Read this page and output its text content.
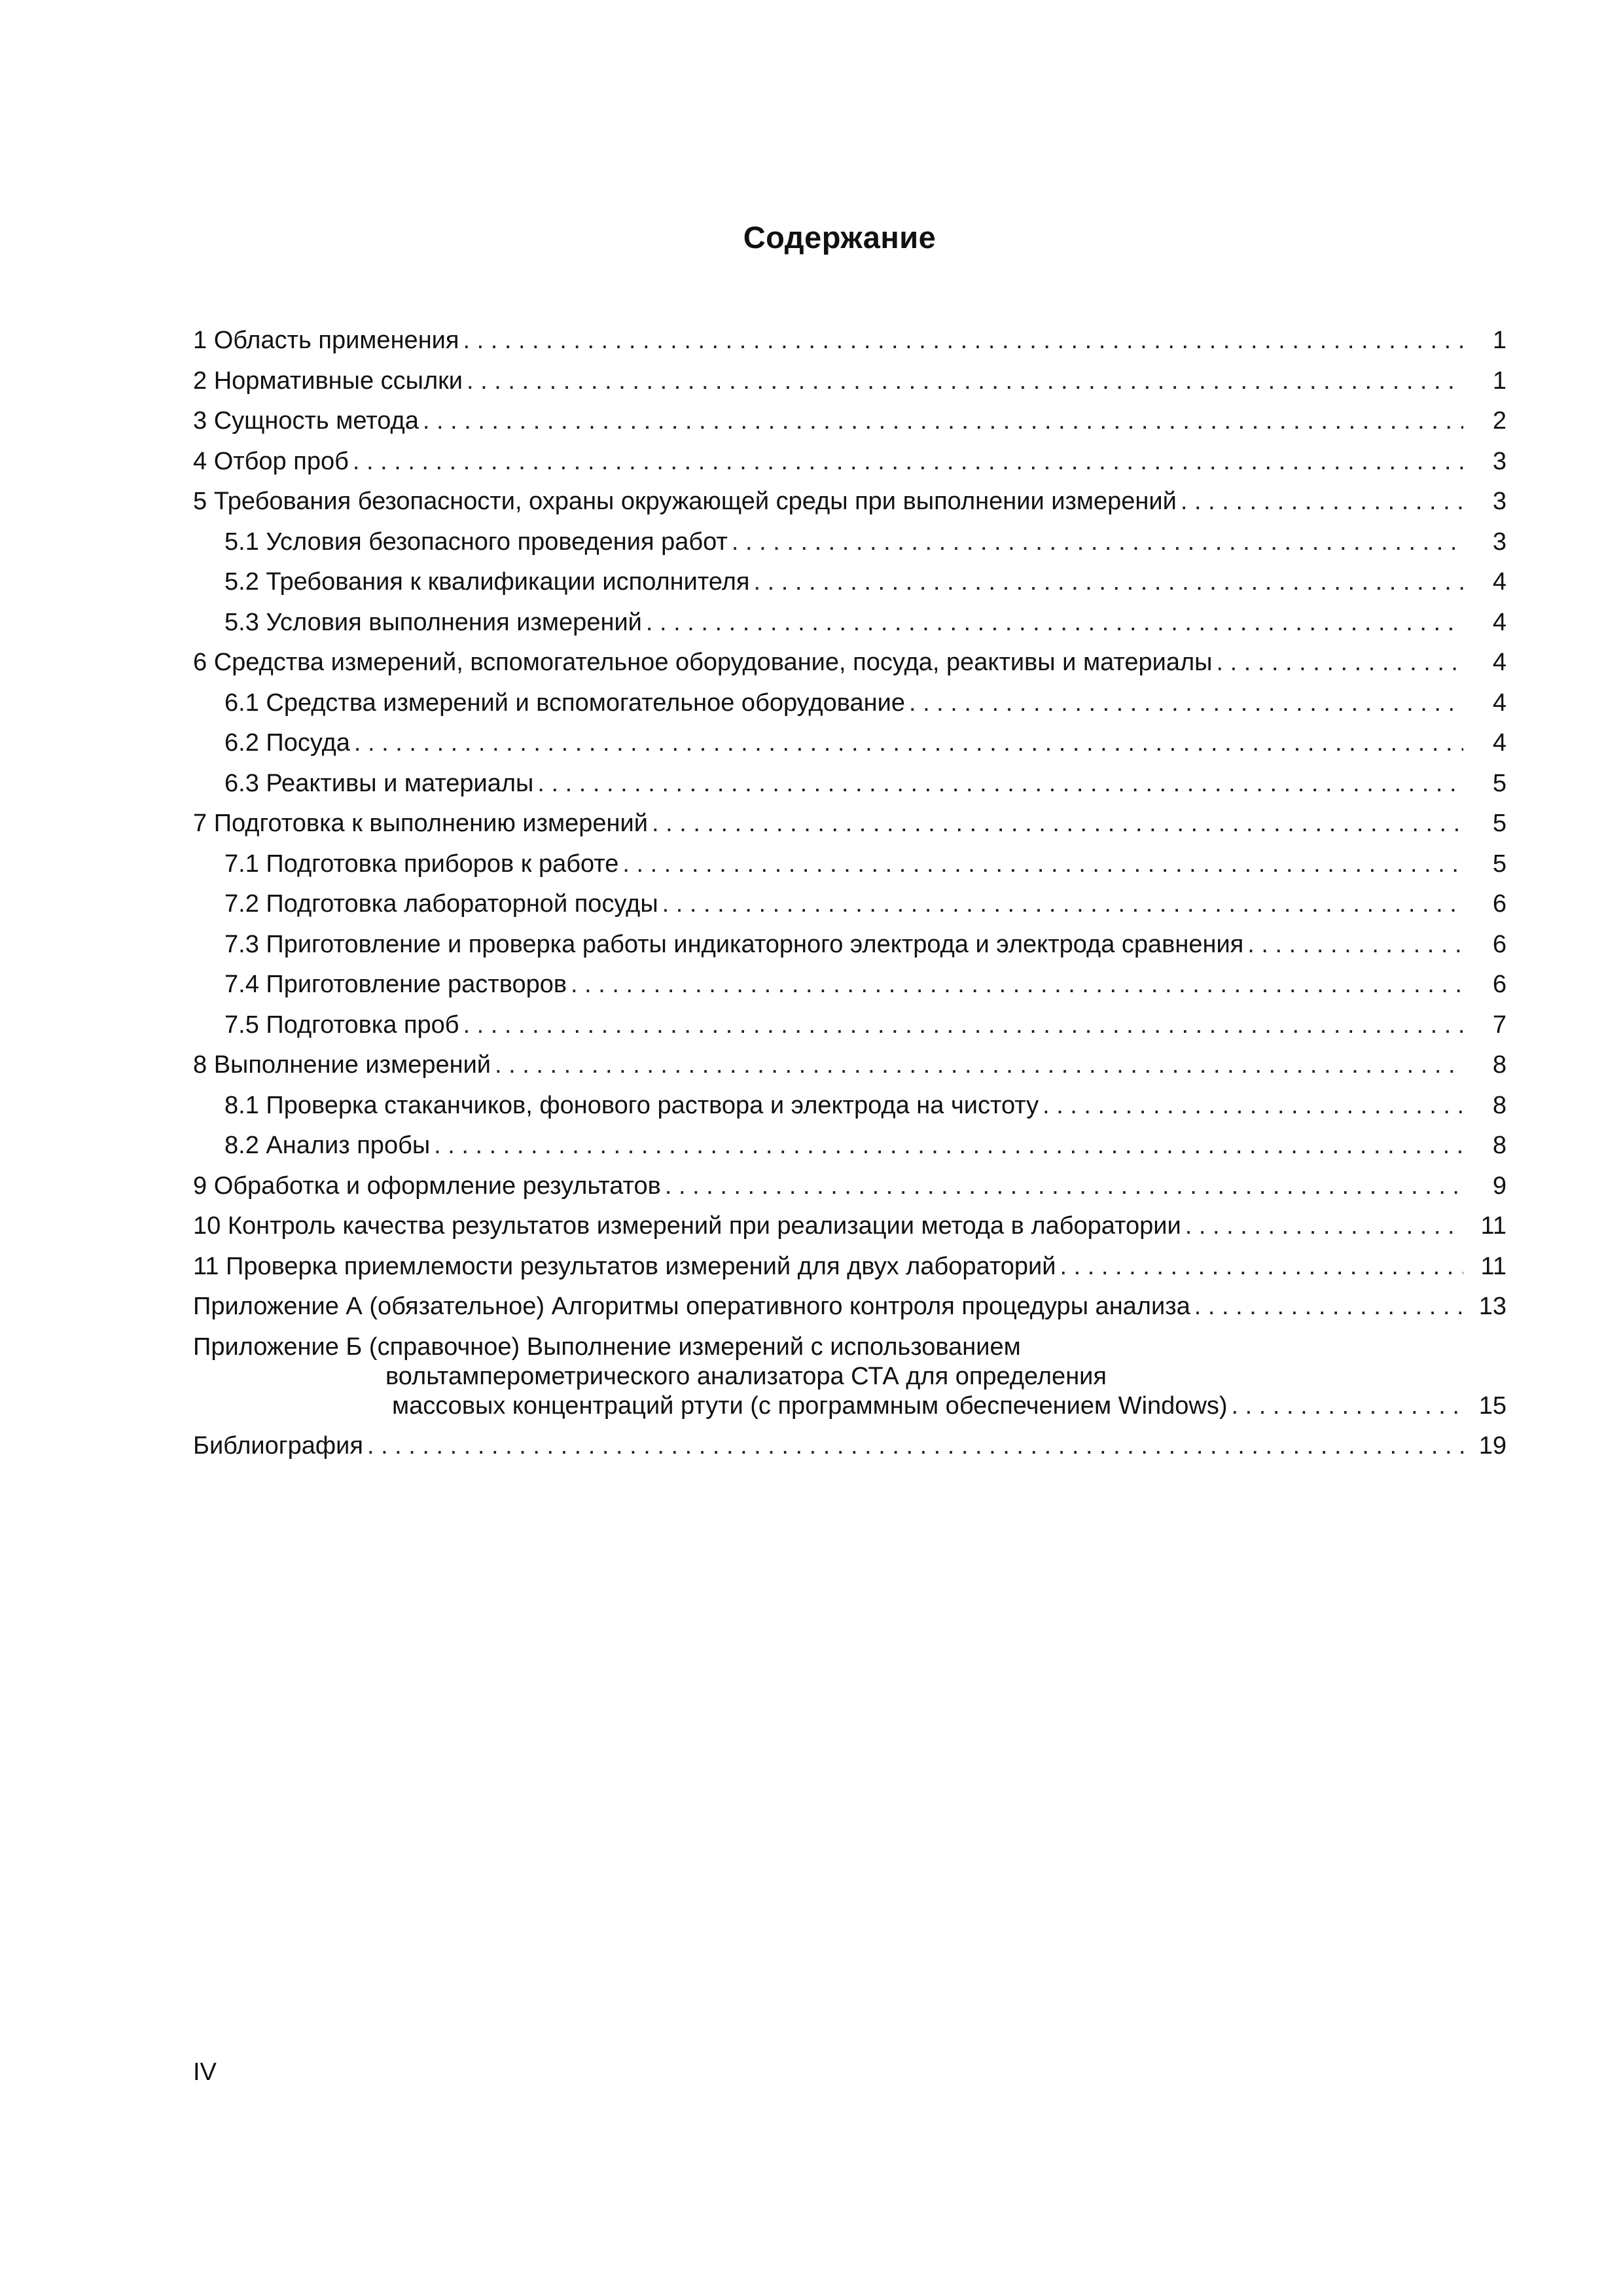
Содержание
1 Область применения . . .	1
2 Нормативные ссылки . . .	1
3 Сущность метода . . .	2
4 Отбор проб . . .	3
5 Требования безопасности, охраны окружающей среды при выполнении измерений . . .	3
5.1 Условия безопасного проведения работ . . .	3
5.2 Требования к квалификации исполнителя . . .	4
5.3 Условия выполнения измерений . . .	4
6 Средства измерений, вспомогательное оборудование, посуда, реактивы и материалы . . .	4
6.1 Средства измерений и вспомогательное оборудование . . .	4
6.2 Посуда . . .	4
6.3 Реактивы и материалы . . .	5
7 Подготовка к выполнению измерений . . .	5
7.1 Подготовка приборов к работе . . .	5
7.2 Подготовка лабораторной посуды . . .	6
7.3 Приготовление и проверка работы индикаторного электрода и электрода сравнения . . .	6
7.4 Приготовление растворов . . .	6
7.5 Подготовка проб . . .	7
8 Выполнение измерений . . .	8
8.1 Проверка стаканчиков, фонового раствора и электрода на чистоту . . .	8
8.2 Анализ пробы . . .	8
9 Обработка и оформление результатов . . .	9
10 Контроль качества результатов измерений при реализации метода в лаборатории . . .	11
11 Проверка приемлемости результатов измерений для двух лабораторий . . .	11
Приложение А (обязательное) Алгоритмы оперативного контроля процедуры анализа . . .	13
Приложение Б (справочное) Выполнение измерений с использованием
вольтамперометрического анализатора СТА для определения
массовых концентраций ртути (с программным обеспечением Windows) . . .	15
Библиография . . .	19
IV
